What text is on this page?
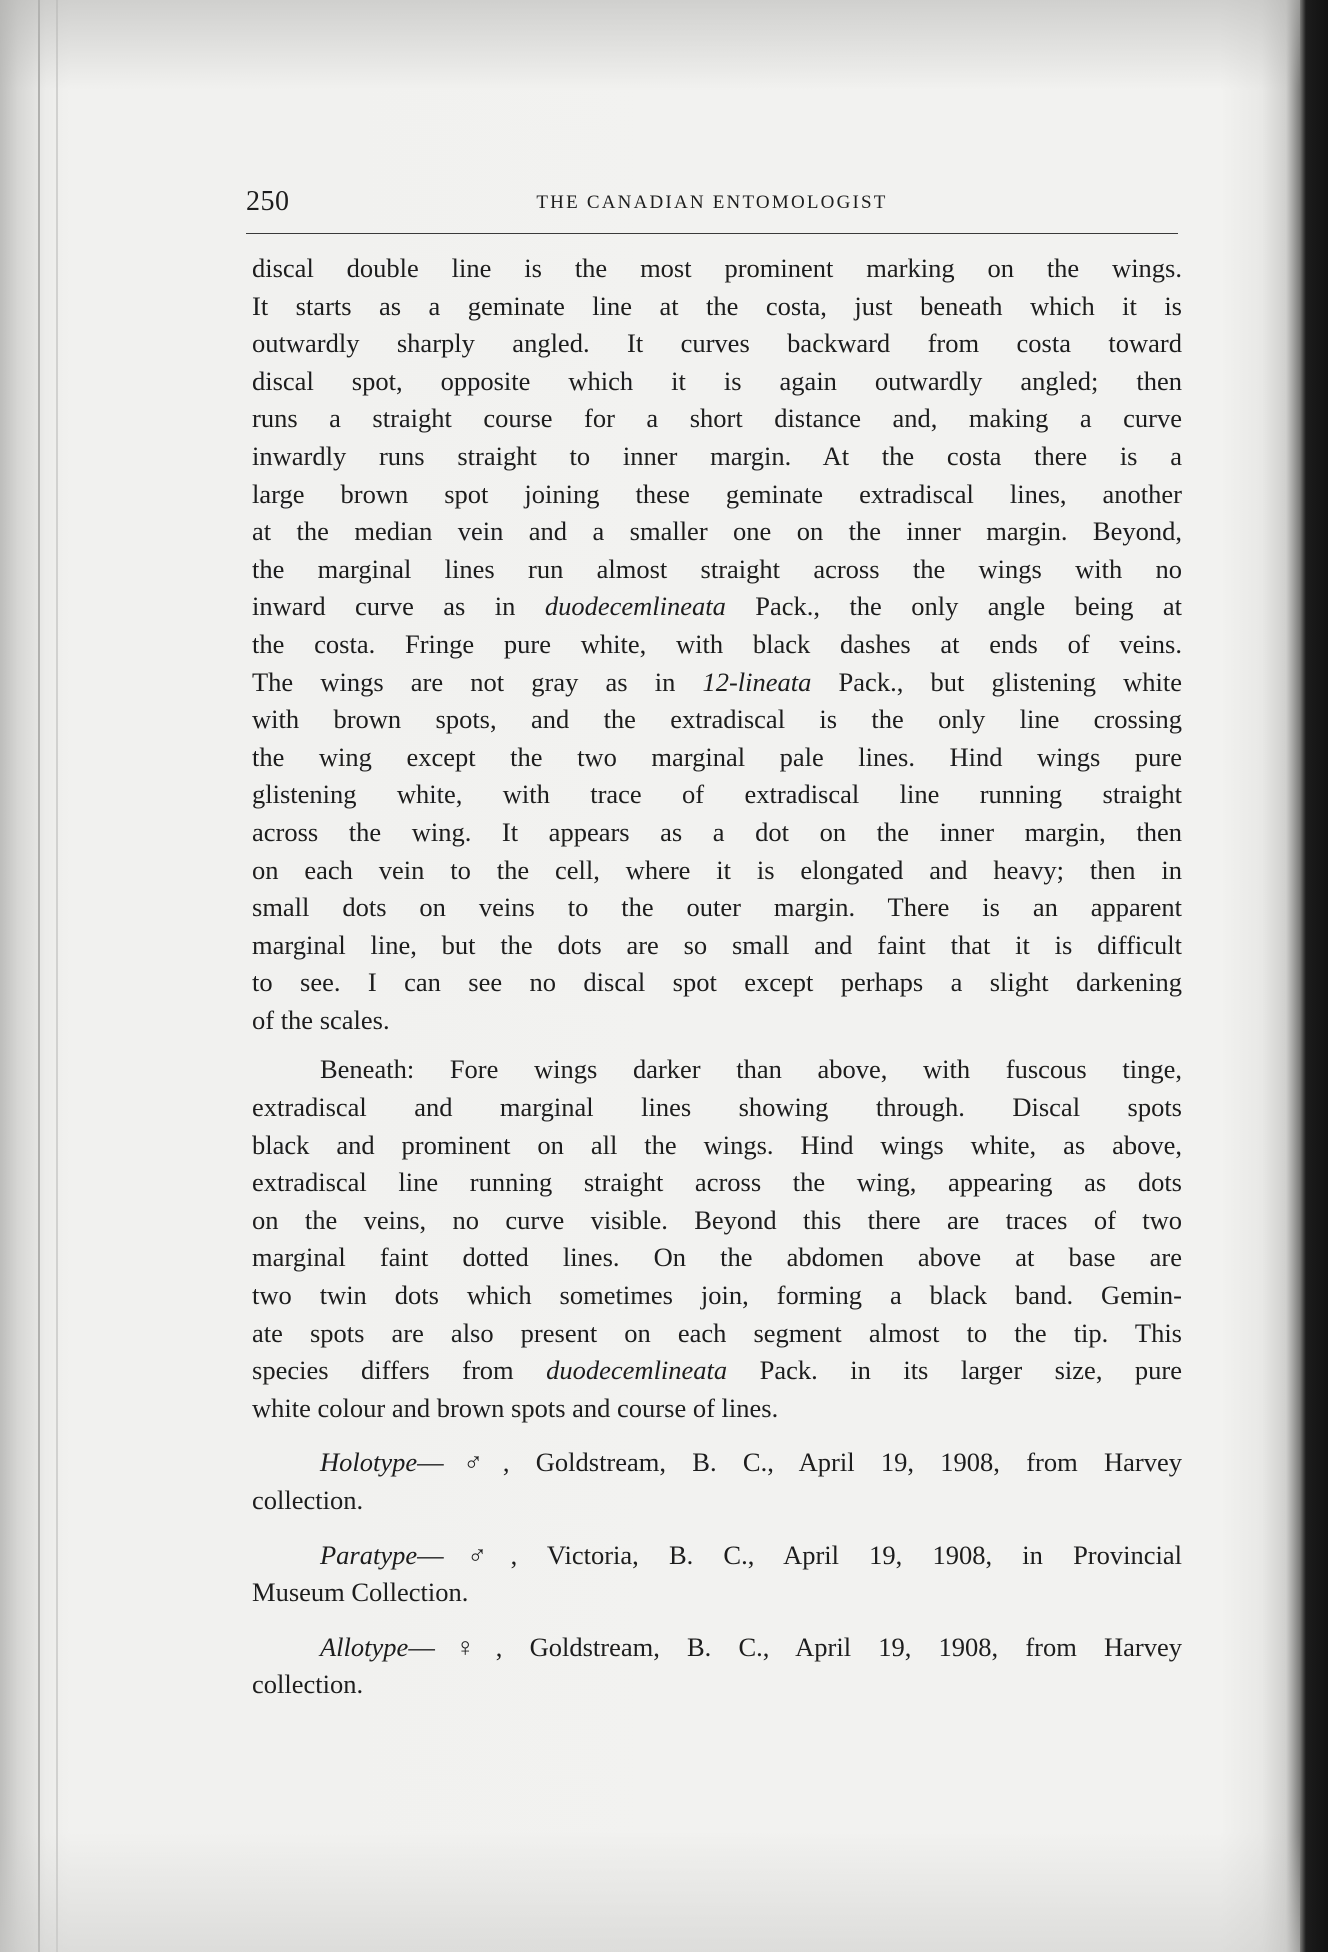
250	THE CANADIAN ENTOMOLOGIST
discal double line is the most prominent marking on the wings.
It starts as a geminate line at the costa, just beneath which it is
outwardly sharply angled. It curves backward from costa toward
discal spot, opposite which it is again outwardly angled; then
runs a straight course for a short distance and, making a curve
inwardly runs straight to inner margin. At the costa there is a
large brown spot joining these geminate extradiscal lines, another
at the median vein and a smaller one on the inner margin. Beyond,
the marginal lines run almost straight across the wings with no
inward curve as in duodecemlineata Pack., the only angle being at
the costa. Fringe pure white, with black dashes at ends of veins.
The wings are not gray as in 12-lineata Pack., but glistening white
with brown spots, and the extradiscal is the only line crossing
the wing except the two marginal pale lines. Hind wings pure
glistening white, with trace of extradiscal line running straight
across the wing. It appears as a dot on the inner margin, then
on each vein to the cell, where it is elongated and heavy; then in
small dots on veins to the outer margin. There is an apparent
marginal line, but the dots are so small and faint that it is difficult
to see. I can see no discal spot except perhaps a slight darkening
of the scales.
Beneath: Fore wings darker than above, with fuscous tinge,
extradiscal and marginal lines showing through. Discal spots
black and prominent on all the wings. Hind wings white, as above,
extradiscal line running straight across the wing, appearing as dots
on the veins, no curve visible. Beyond this there are traces of two
marginal faint dotted lines. On the abdomen above at base are
two twin dots which sometimes join, forming a black band. Gemin-
ate spots are also present on each segment almost to the tip. This
species differs from duodecemlineata Pack. in its larger size, pure
white colour and brown spots and course of lines.
Holotype—♂, Goldstream, B. C., April 19, 1908, from Harvey
collection.
Paratype—♂, Victoria, B. C., April 19, 1908, in Provincial
Museum Collection.
Allotype—♀, Goldstream, B. C., April 19, 1908, from Harvey
collection.
